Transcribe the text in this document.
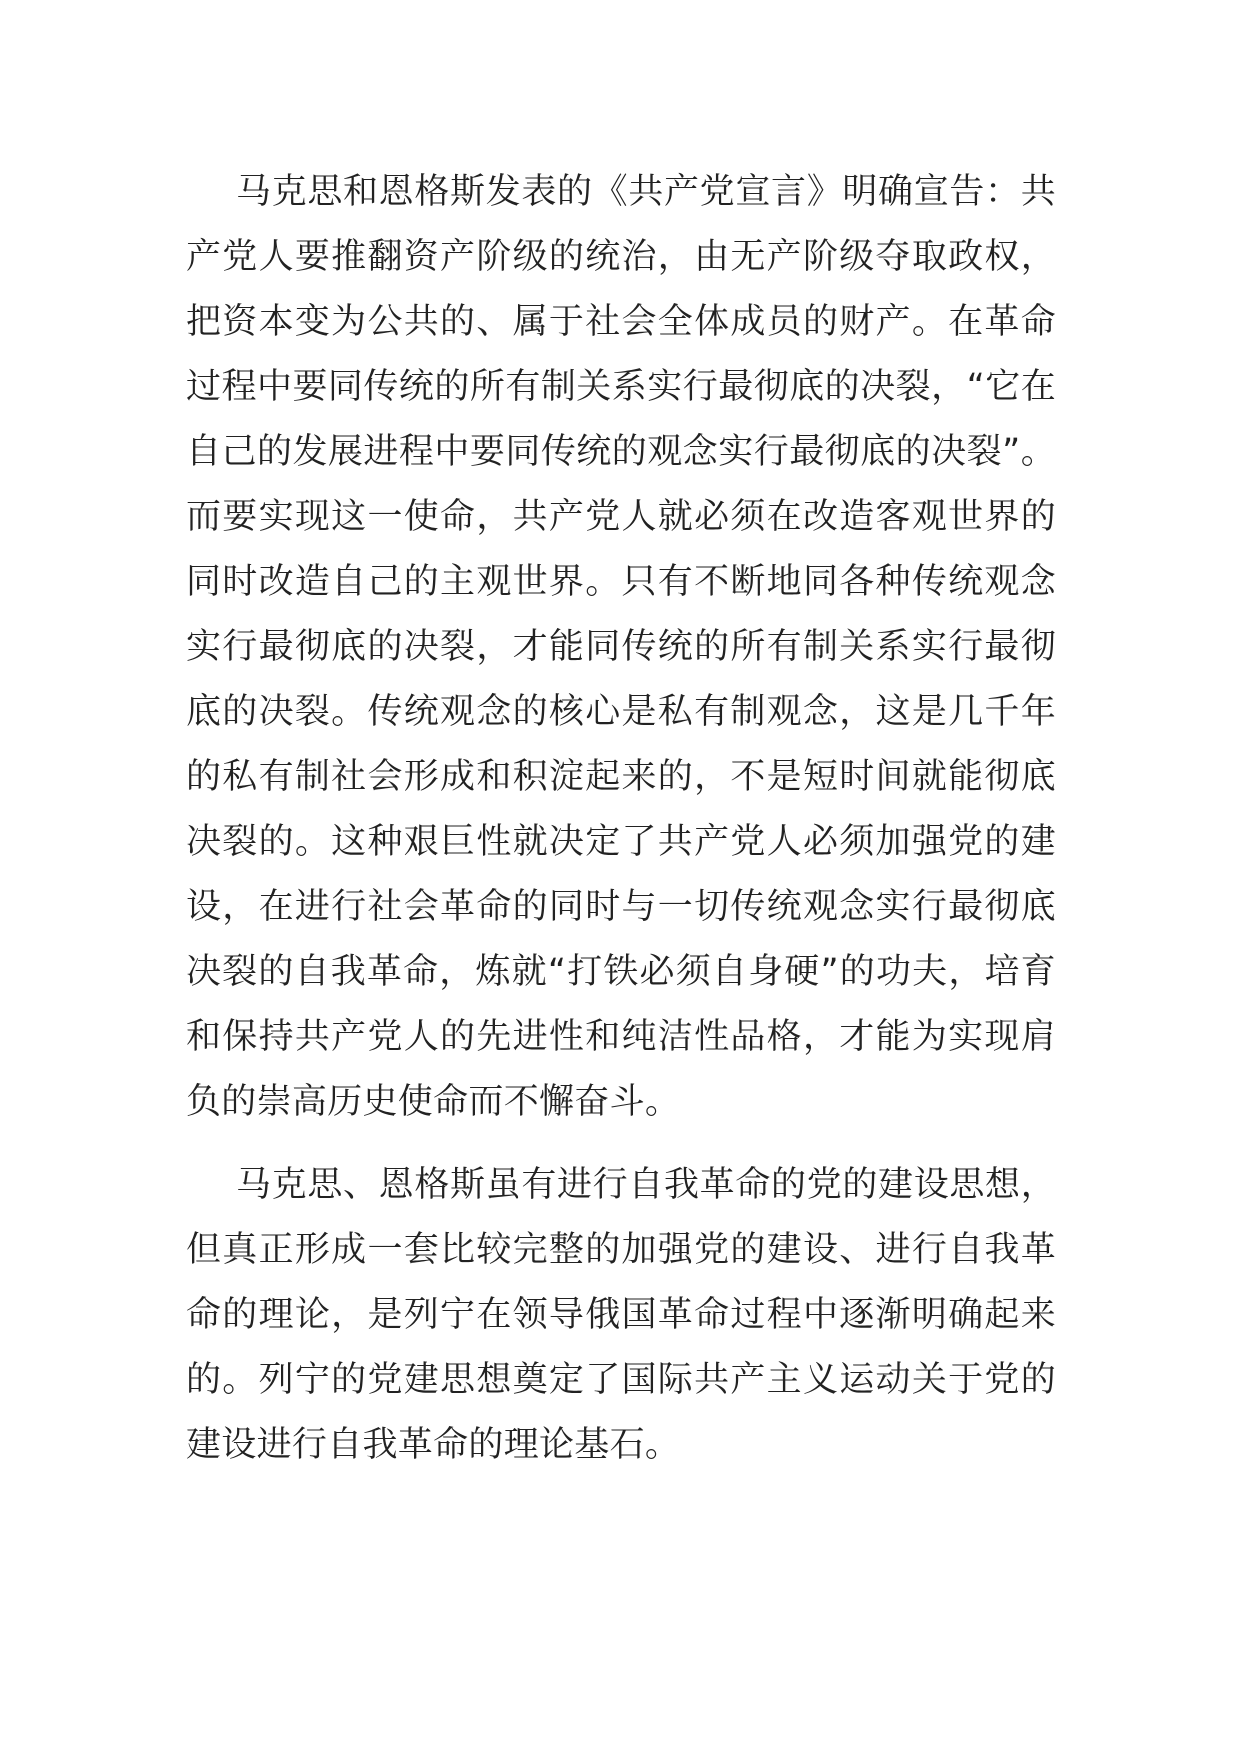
马克思和恩格斯发表的《共产党宣言》明确宣告：共产党人要推翻资产阶级的统治，由无产阶级夺取政权，把资本变为公共的、属于社会全体成员的财产。在革命过程中要同传统的所有制关系实行最彻底的决裂，“它在自己的发展进程中要同传统的观念实行最彻底的决裂”。而要实现这一使命，共产党人就必须在改造客观世界的同时改造自己的主观世界。只有不断地同各种传统观念实行最彻底的决裂，才能同传统的所有制关系实行最彻底的决裂。传统观念的核心是私有制观念，这是几千年的私有制社会形成和积淀起来的，不是短时间就能彻底决裂的。这种艰巨性就决定了共产党人必须加强党的建设，在进行社会革命的同时与一切传统观念实行最彻底决裂的自我革命，炼就“打铁必须自身硬”的功夫，培育和保持共产党人的先进性和纯洁性品格，才能为实现肩负的崇高历史使命而不懈奋斗。

马克思、恩格斯虽有进行自我革命的党的建设思想，但真正形成一套比较完整的加强党的建设、进行自我革命的理论，是列宁在领导俄国革命过程中逐渐明确起来的。列宁的党建思想奠定了国际共产主义运动关于党的建设进行自我革命的理论基石。
